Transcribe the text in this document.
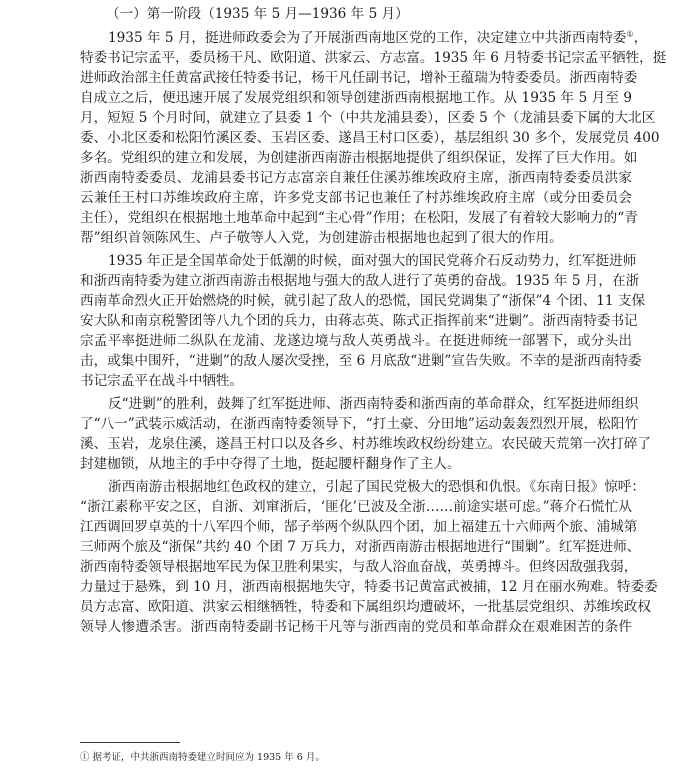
（一）第一阶段（1935 年 5 月—1936 年 5 月）
1935 年 5 月，挺进师政委会为了开展浙西南地区党的工作，决定建立中共浙西南特委①，
特委书记宗孟平，委员杨干凡、欧阳道、洪家云、方志富。1935 年 6 月特委书记宗孟平牺牲，挺
进师政治部主任黄富武接任特委书记，杨干凡任副书记，增补王蕴瑞为特委委员。浙西南特委
自成立之后，便迅速开展了发展党组织和领导创建浙西南根据地工作。从 1935 年 5 月至 9
月，短短 5 个月时间，就建立了县委 1 个（中共龙浦县委），区委 5 个（龙浦县委下属的大北区
委、小北区委和松阳竹溪区委、玉岩区委、遂昌王村口区委），基层组织 30 多个，发展党员 400
多名。党组织的建立和发展，为创建浙西南游击根据地提供了组织保证，发挥了巨大作用。如
浙西南特委委员、龙浦县委书记方志富亲自兼任住溪苏维埃政府主席，浙西南特委委员洪家
云兼任王村口苏维埃政府主席，许多党支部书记也兼任了村苏维埃政府主席（或分田委员会
主任），党组织在根据地土地革命中起到“主心骨”作用；在松阳，发展了有着较大影响力的“青
帮”组织首领陈风生、卢子敬等人入党，为创建游击根据地也起到了很大的作用。
1935 年正是全国革命处于低潮的时候，面对强大的国民党蒋介石反动势力，红军挺进师
和浙西南特委为建立浙西南游击根据地与强大的敌人进行了英勇的奋战。1935 年 5 月，在浙
西南革命烈火正开始燃烧的时候，就引起了敌人的恐慌，国民党调集了“浙保”4 个团、11 支保
安大队和南京税警团等八九个团的兵力，由蒋志英、陈式正指挥前来“进剿”。浙西南特委书记
宗孟平率挺进师二纵队在龙浦、龙遂边境与敌人英勇战斗。在挺进师统一部署下，或分头出
击，或集中围歼，“进剿”的敌人屡次受挫，至 6 月底敌“进剿”宣告失败。不幸的是浙西南特委
书记宗孟平在战斗中牺牲。
反“进剿”的胜利，鼓舞了红军挺进师、浙西南特委和浙西南的革命群众，红军挺进师组织
了“八一”武装示威活动，在浙西南特委领导下，“打土豪、分田地”运动轰轰烈烈开展，松阳竹
溪、玉岩，龙泉住溪，遂昌王村口以及各乡、村苏维埃政权纷纷建立。农民破天荒第一次打碎了
封建枷锁，从地主的手中夺得了土地，挺起腰杆翻身作了主人。
浙西南游击根据地红色政权的建立，引起了国民党极大的恐惧和仇恨。《东南日报》惊呼：
“浙江素称平安之区，自浙、刘窜浙后，‘匪化’已波及全浙……前途实堪可虑。”蒋介石慌忙从
江西调回罗卓英的十八军四个师，郜子举两个纵队四个团，加上福建五十六师两个旅、浦城第
三师两个旅及“浙保”共约 40 个团 7 万兵力，对浙西南游击根据地进行“围剿”。红军挺进师、
浙西南特委领导根据地军民为保卫胜利果实，与敌人浴血奋战，英勇搏斗。但终因敌强我弱，
力量过于悬殊，到 10 月，浙西南根据地失守，特委书记黄富武被捕，12 月在丽水殉难。特委委
员方志富、欧阳道、洪家云相继牺牲，特委和下属组织均遭破坏，一批基层党组织、苏维埃政权
领导人惨遭杀害。浙西南特委副书记杨干凡等与浙西南的党员和革命群众在艰难困苦的条件
① 据考证，中共浙西南特委建立时间应为 1935 年 6 月。
